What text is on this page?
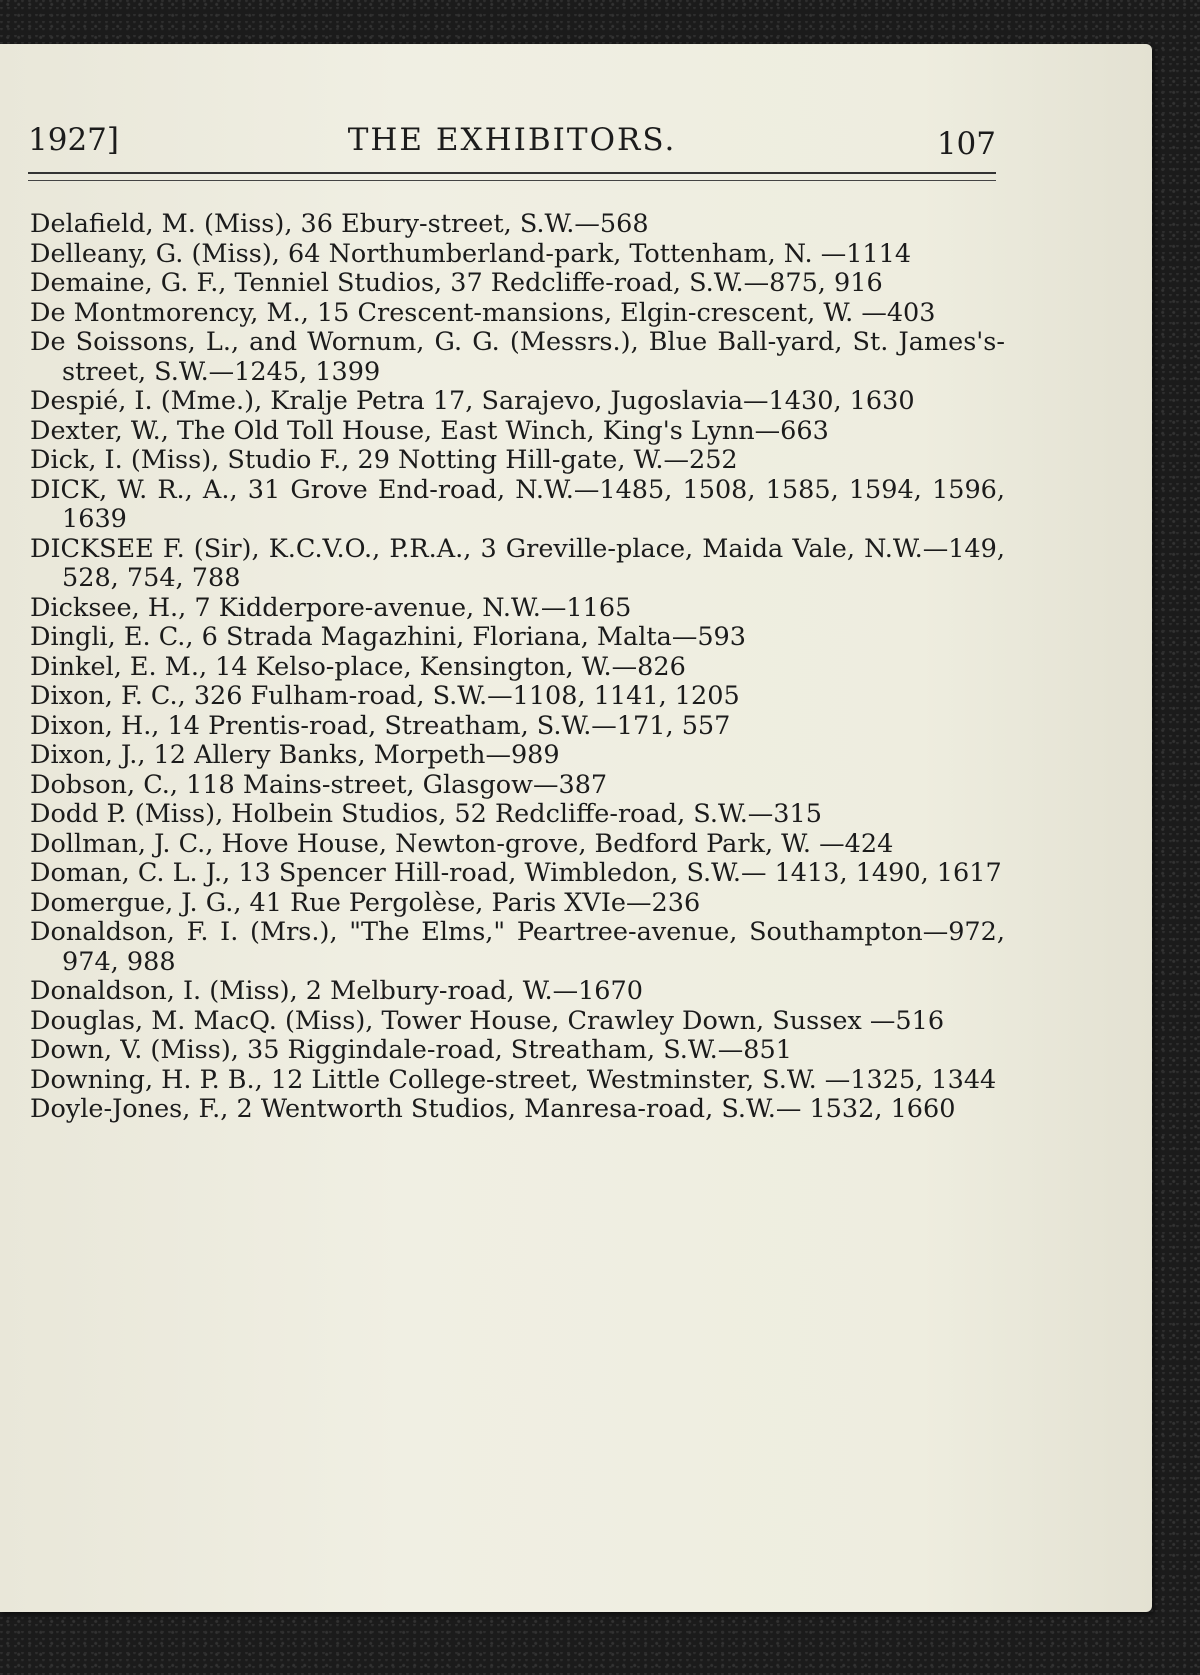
1927]	THE EXHIBITORS.	107

Delafield, M. (Miss), 36 Ebury-street, S.W.—568

Delleany, G. (Miss), 64 Northumberland-park, Tottenham, N. —1114

Demaine, G. F., Tenniel Studios, 37 Redcliffe-road, S.W.—875, 916

De Montmorency, M., 15 Crescent-mansions, Elgin-crescent, W. —403

De Soissons, L., and Wornum, G. G. (Messrs.), Blue Ball-yard, St. James's-street, S.W.—1245, 1399

Despié, I. (Mme.), Kralje Petra 17, Sarajevo, Jugoslavia—1430, 1630

Dexter, W., The Old Toll House, East Winch, King's Lynn—663

Dick, I. (Miss), Studio F., 29 Notting Hill-gate, W.—252

DICK, W. R., A., 31 Grove End-road, N.W.—1485, 1508, 1585, 1594, 1596, 1639

DICKSEE F. (Sir), K.C.V.O., P.R.A., 3 Greville-place, Maida Vale, N.W.—149, 528, 754, 788

Dicksee, H., 7 Kidderpore-avenue, N.W.—1165

Dingli, E. C., 6 Strada Magazhini, Floriana, Malta—593

Dinkel, E. M., 14 Kelso-place, Kensington, W.—826

Dixon, F. C., 326 Fulham-road, S.W.—1108, 1141, 1205

Dixon, H., 14 Prentis-road, Streatham, S.W.—171, 557

Dixon, J., 12 Allery Banks, Morpeth—989

Dobson, C., 118 Mains-street, Glasgow—387

Dodd P. (Miss), Holbein Studios, 52 Redcliffe-road, S.W.—315

Dollman, J. C., Hove House, Newton-grove, Bedford Park, W. —424

Doman, C. L. J., 13 Spencer Hill-road, Wimbledon, S.W.— 1413, 1490, 1617

Domergue, J. G., 41 Rue Pergolèse, Paris XVIe—236

Donaldson, F. I. (Mrs.), "The Elms," Peartree-avenue, Southampton—972, 974, 988

Donaldson, I. (Miss), 2 Melbury-road, W.—1670

Douglas, M. MacQ. (Miss), Tower House, Crawley Down, Sussex —516

Down, V. (Miss), 35 Riggindale-road, Streatham, S.W.—851

Downing, H. P. B., 12 Little College-street, Westminster, S.W. —1325, 1344

Doyle-Jones, F., 2 Wentworth Studios, Manresa-road, S.W.— 1532, 1660
